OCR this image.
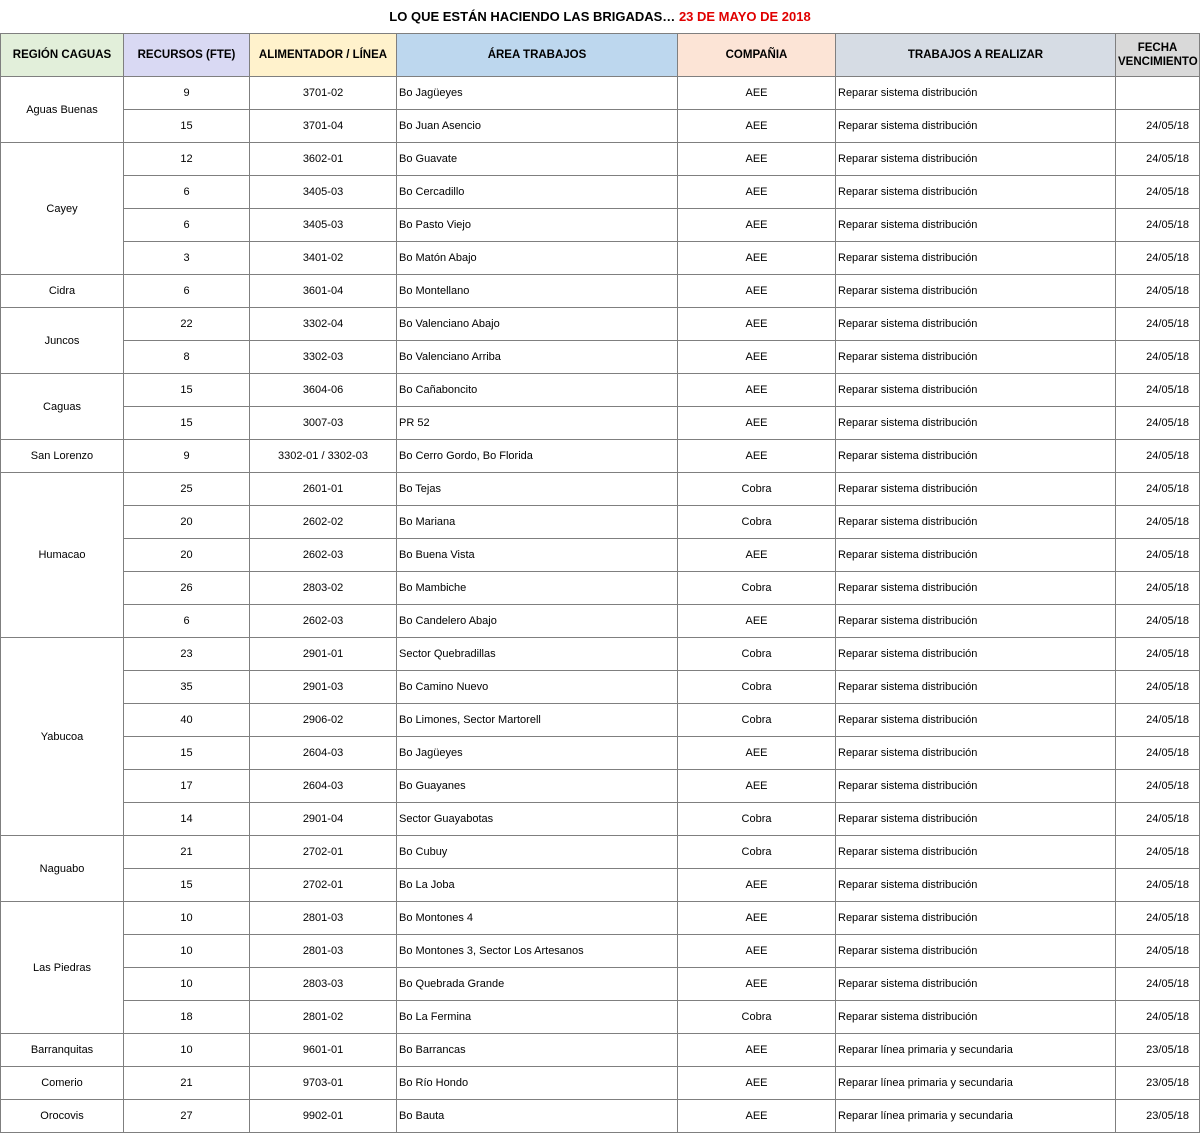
LO QUE ESTÁN HACIENDO LAS BRIGADAS… 23 DE MAYO DE 2018
REGIÓN CAGUAS	RECURSOS (FTE)	ALIMENTADOR / LÍNEA	ÁREA TRABAJOS	COMPAÑIA	TRABAJOS A REALIZAR	FECHA VENCIMIENTO
Aguas Buenas	9	3701-02	Bo Jagüeyes	AEE	Reparar sistema distribución	
	15	3701-04	Bo Juan Asencio	AEE	Reparar sistema distribución	24/05/18
Cayey	12	3602-01	Bo Guavate	AEE	Reparar sistema distribución	24/05/18
	6	3405-03	Bo Cercadillo	AEE	Reparar sistema distribución	24/05/18
	6	3405-03	Bo Pasto Viejo	AEE	Reparar sistema distribución	24/05/18
	3	3401-02	Bo Matón Abajo	AEE	Reparar sistema distribución	24/05/18
Cidra	6	3601-04	Bo Montellano	AEE	Reparar sistema distribución	24/05/18
Juncos	22	3302-04	Bo Valenciano Abajo	AEE	Reparar sistema distribución	24/05/18
	8	3302-03	Bo Valenciano Arriba	AEE	Reparar sistema distribución	24/05/18
Caguas	15	3604-06	Bo Cañaboncito	AEE	Reparar sistema distribución	24/05/18
	15	3007-03	PR 52	AEE	Reparar sistema distribución	24/05/18
San Lorenzo	9	3302-01 / 3302-03	Bo Cerro Gordo, Bo Florida	AEE	Reparar sistema distribución	24/05/18
Humacao	25	2601-01	Bo Tejas	Cobra	Reparar sistema distribución	24/05/18
	20	2602-02	Bo Mariana	Cobra	Reparar sistema distribución	24/05/18
	20	2602-03	Bo Buena Vista	AEE	Reparar sistema distribución	24/05/18
	26	2803-02	Bo Mambiche	Cobra	Reparar sistema distribución	24/05/18
	6	2602-03	Bo Candelero Abajo	AEE	Reparar sistema distribución	24/05/18
Yabucoa	23	2901-01	Sector Quebradillas	Cobra	Reparar sistema distribución	24/05/18
	35	2901-03	Bo Camino Nuevo	Cobra	Reparar sistema distribución	24/05/18
	40	2906-02	Bo Limones, Sector Martorell	Cobra	Reparar sistema distribución	24/05/18
	15	2604-03	Bo Jagüeyes	AEE	Reparar sistema distribución	24/05/18
	17	2604-03	Bo Guayanes	AEE	Reparar sistema distribución	24/05/18
	14	2901-04	Sector Guayabotas	Cobra	Reparar sistema distribución	24/05/18
Naguabo	21	2702-01	Bo Cubuy	Cobra	Reparar sistema distribución	24/05/18
	15	2702-01	Bo La Joba	AEE	Reparar sistema distribución	24/05/18
Las Piedras	10	2801-03	Bo Montones 4	AEE	Reparar sistema distribución	24/05/18
	10	2801-03	Bo Montones 3, Sector Los Artesanos	AEE	Reparar sistema distribución	24/05/18
	10	2803-03	Bo Quebrada Grande	AEE	Reparar sistema distribución	24/05/18
	18	2801-02	Bo La Fermina	Cobra	Reparar sistema distribución	24/05/18
Barranquitas	10	9601-01	Bo Barrancas	AEE	Reparar línea primaria y secundaria	23/05/18
Comerio	21	9703-01	Bo Río Hondo	AEE	Reparar línea primaria y secundaria	23/05/18
Orocovis	27	9902-01	Bo Bauta	AEE	Reparar línea primaria y secundaria	23/05/18
